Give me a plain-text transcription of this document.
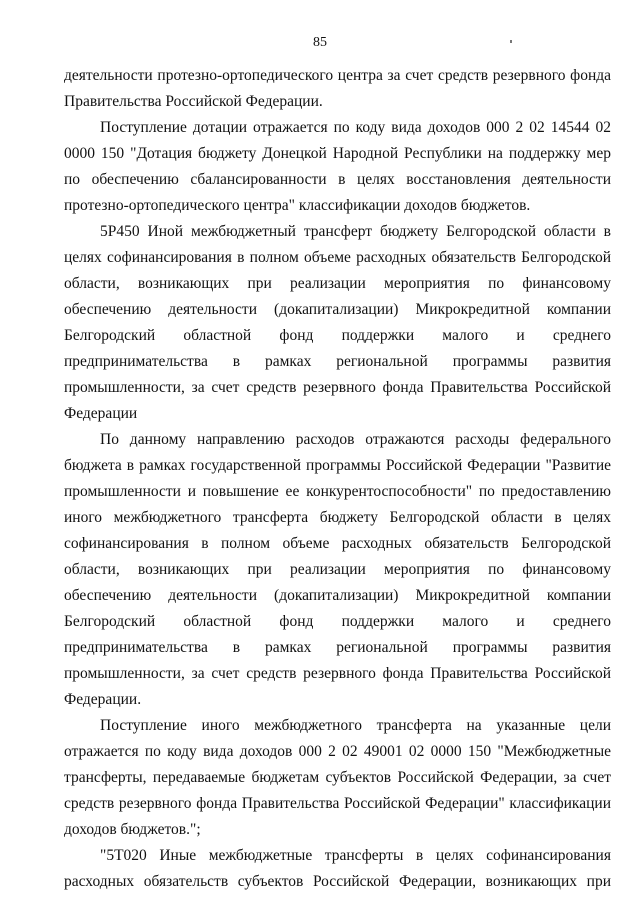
85

деятельности протезно-ортопедического центра за счет средств резервного фонда Правительства Российской Федерации.

Поступление дотации отражается по коду вида доходов 000 2 02 14544 02 0000 150 "Дотация бюджету Донецкой Народной Республики на поддержку мер по обеспечению сбалансированности в целях восстановления деятельности протезно-ортопедического центра" классификации доходов бюджетов.

5Р450 Иной межбюджетный трансферт бюджету Белгородской области в целях софинансирования в полном объеме расходных обязательств Белгородской области, возникающих при реализации мероприятия по финансовому обеспечению деятельности (докапитализации) Микрокредитной компании Белгородский областной фонд поддержки малого и среднего предпринимательства в рамках региональной программы развития промышленности, за счет средств резервного фонда Правительства Российской Федерации

По данному направлению расходов отражаются расходы федерального бюджета в рамках государственной программы Российской Федерации "Развитие промышленности и повышение ее конкурентоспособности" по предоставлению иного межбюджетного трансферта бюджету Белгородской области в целях софинансирования в полном объеме расходных обязательств Белгородской области, возникающих при реализации мероприятия по финансовому обеспечению деятельности (докапитализации) Микрокредитной компании Белгородский областной фонд поддержки малого и среднего предпринимательства в рамках региональной программы развития промышленности, за счет средств резервного фонда Правительства Российской Федерации.

Поступление иного межбюджетного трансферта на указанные цели отражается по коду вида доходов 000 2 02 49001 02 0000 150 "Межбюджетные трансферты, передаваемые бюджетам субъектов Российской Федерации, за счет средств резервного фонда Правительства Российской Федерации" классификации доходов бюджетов.";

"5Т020 Иные межбюджетные трансферты в целях софинансирования расходных обязательств субъектов Российской Федерации, возникающих при
